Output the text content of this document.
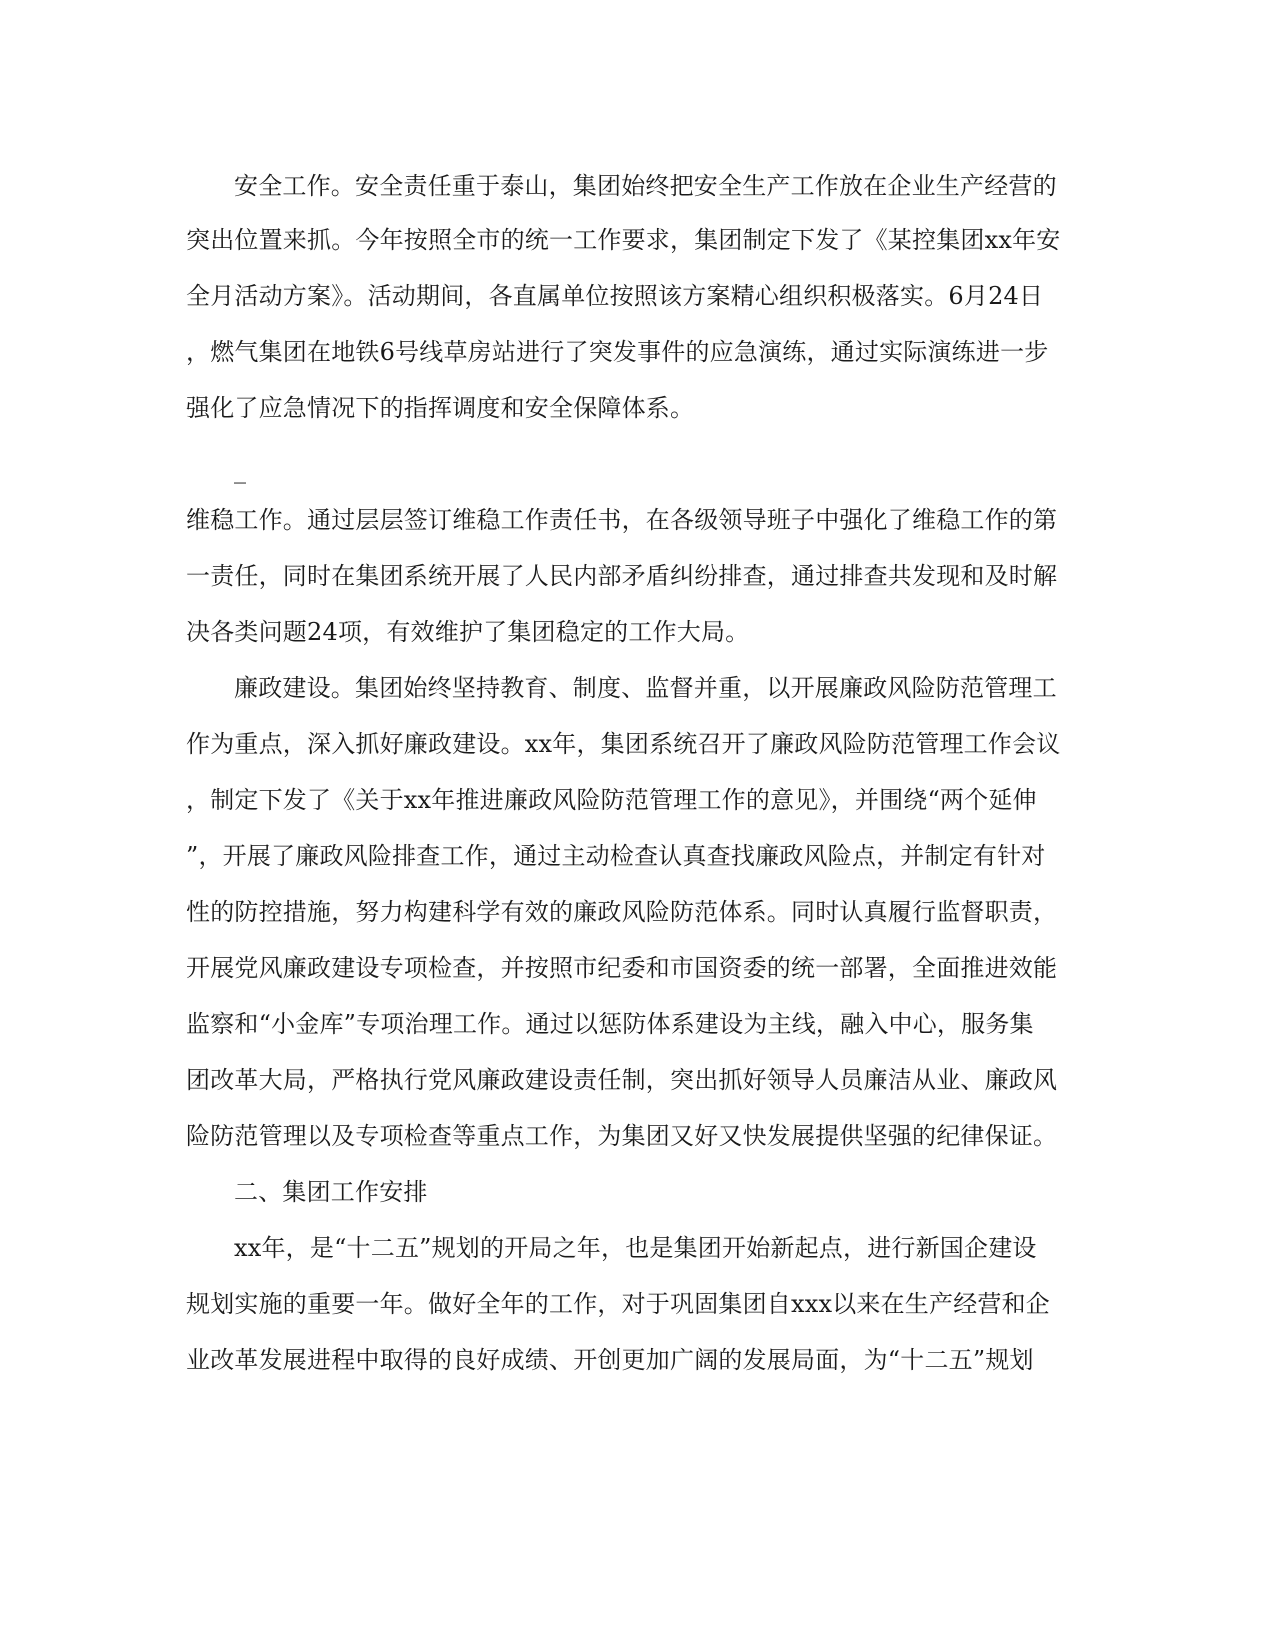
安全工作。安全责任重于泰山，集团始终把安全生产工作放在企业生产经营的
突出位置来抓。今年按照全市的统一工作要求，集团制定下发了《某控集团xx年安
全月活动方案》。活动期间，各直属单位按照该方案精心组织积极落实。6月24日
，燃气集团在地铁6号线草房站进行了突发事件的应急演练，通过实际演练进一步
强化了应急情况下的指挥调度和安全保障体系。
_
维稳工作。通过层层签订维稳工作责任书，在各级领导班子中强化了维稳工作的第
一责任，同时在集团系统开展了人民内部矛盾纠纷排查，通过排查共发现和及时解
决各类问题24项，有效维护了集团稳定的工作大局。
廉政建设。集团始终坚持教育、制度、监督并重，以开展廉政风险防范管理工
作为重点，深入抓好廉政建设。xx年，集团系统召开了廉政风险防范管理工作会议
，制定下发了《关于xx年推进廉政风险防范管理工作的意见》，并围绕“两个延伸
”，开展了廉政风险排查工作，通过主动检查认真查找廉政风险点，并制定有针对
性的防控措施，努力构建科学有效的廉政风险防范体系。同时认真履行监督职责，
开展党风廉政建设专项检查，并按照市纪委和市国资委的统一部署，全面推进效能
监察和“小金库”专项治理工作。通过以惩防体系建设为主线，融入中心，服务集
团改革大局，严格执行党风廉政建设责任制，突出抓好领导人员廉洁从业、廉政风
险防范管理以及专项检查等重点工作，为集团又好又快发展提供坚强的纪律保证。
二、集团工作安排
xx年，是“十二五”规划的开局之年，也是集团开始新起点，进行新国企建设
规划实施的重要一年。做好全年的工作，对于巩固集团自xxx以来在生产经营和企
业改革发展进程中取得的良好成绩、开创更加广阔的发展局面，为“十二五”规划
